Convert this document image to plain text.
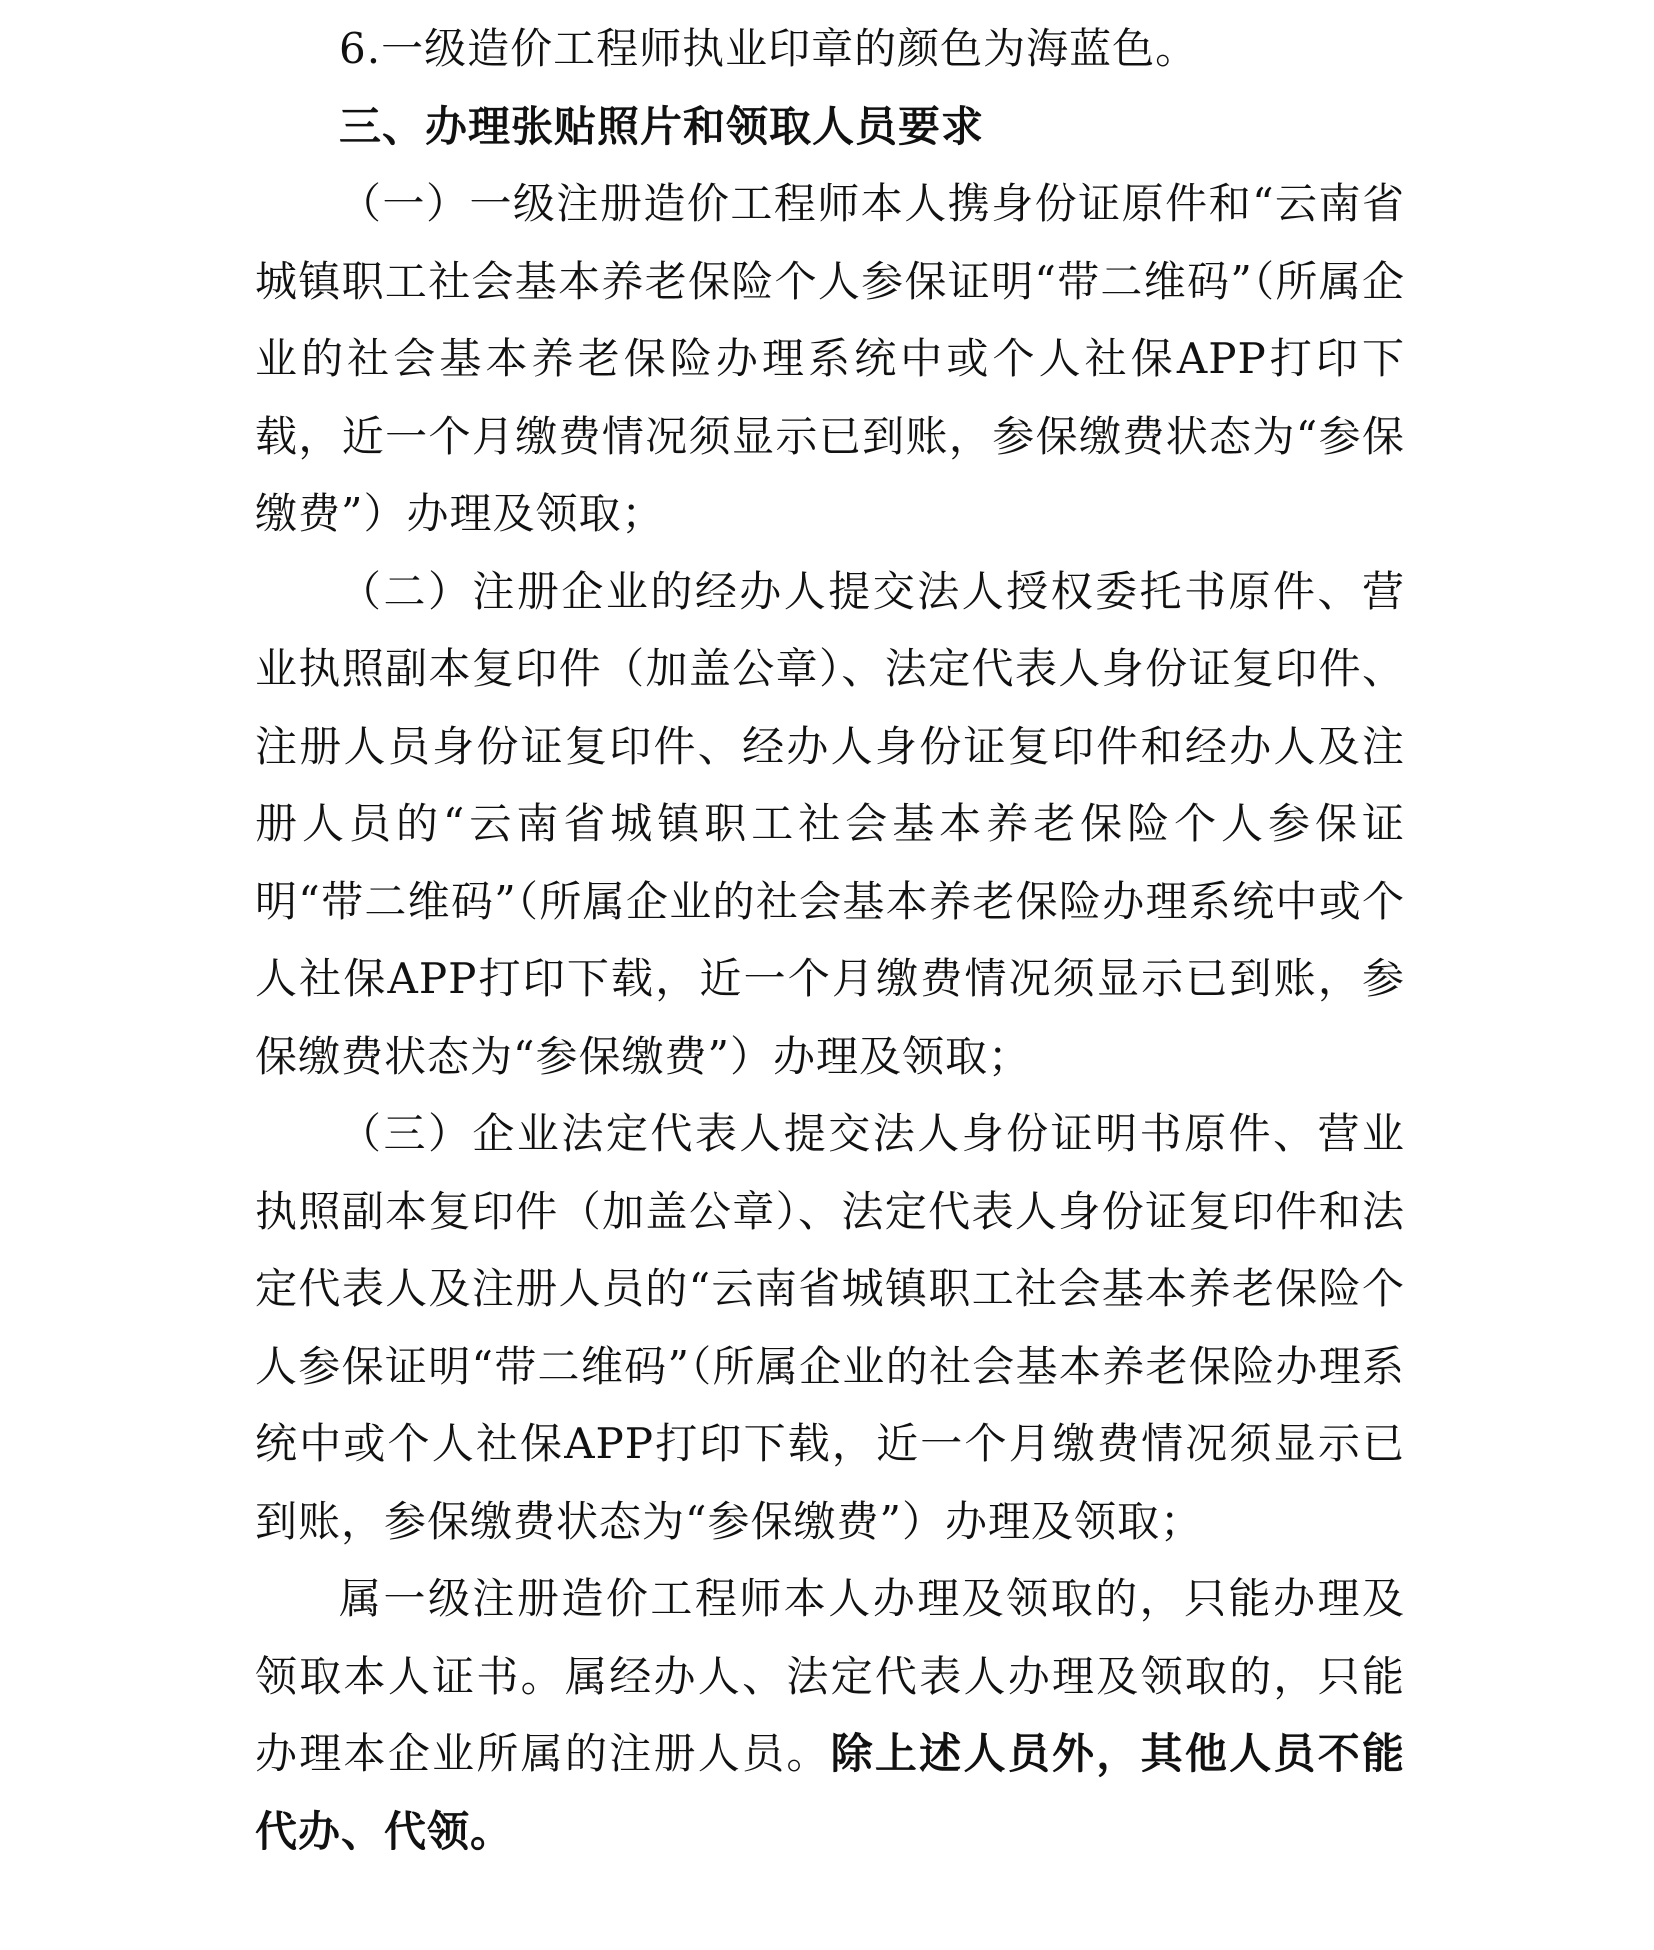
6.一级造价工程师执业印章的颜色为海蓝色。

三、办理张贴照片和领取人员要求

（一）一级注册造价工程师本人携身份证原件和“云南省城镇职工社会基本养老保险个人参保证明“带二维码”（所属企业的社会基本养老保险办理系统中或个人社保APP打印下载，近一个月缴费情况须显示已到账，参保缴费状态为“参保缴费”）办理及领取；

（二）注册企业的经办人提交法人授权委托书原件、营业执照副本复印件（加盖公章）、法定代表人身份证复印件、注册人员身份证复印件、经办人身份证复印件和经办人及注册人员的“云南省城镇职工社会基本养老保险个人参保证明“带二维码”（所属企业的社会基本养老保险办理系统中或个人社保APP打印下载，近一个月缴费情况须显示已到账，参保缴费状态为“参保缴费”）办理及领取；

（三）企业法定代表人提交法人身份证明书原件、营业执照副本复印件（加盖公章）、法定代表人身份证复印件和法定代表人及注册人员的“云南省城镇职工社会基本养老保险个人参保证明“带二维码”（所属企业的社会基本养老保险办理系统中或个人社保APP打印下载，近一个月缴费情况须显示已到账，参保缴费状态为“参保缴费”）办理及领取；

属一级注册造价工程师本人办理及领取的，只能办理及领取本人证书。属经办人、法定代表人办理及领取的，只能办理本企业所属的注册人员。除上述人员外，其他人员不能代办、代领。
